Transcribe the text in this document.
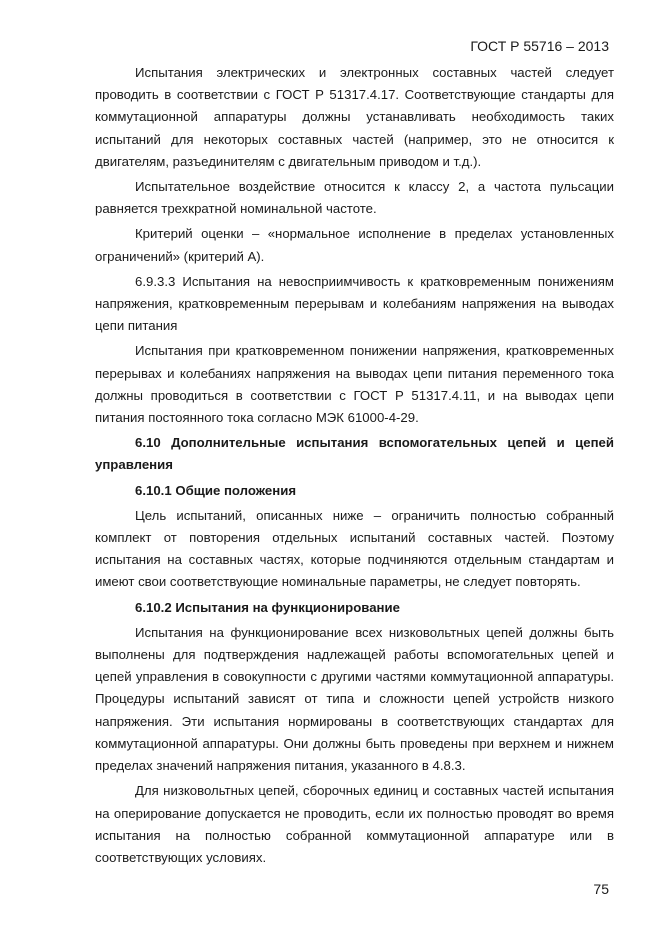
ГОСТ Р 55716 – 2013

Испытания электрических и электронных составных частей следует проводить в соответствии с ГОСТ Р 51317.4.17. Соответствующие стандарты для коммутационной аппаратуры должны устанавливать необходимость таких испытаний для некоторых составных частей (например, это не относится к двигателям, разъединителям с двигательным приводом и т.д.).

Испытательное воздействие относится к классу 2, а частота пульсации равняется трехкратной номинальной частоте.

Критерий оценки – «нормальное исполнение в пределах установленных ограничений» (критерий А).

6.9.3.3 Испытания на невосприимчивость к кратковременным понижениям напряжения, кратковременным перерывам и колебаниям напряжения на выводах цепи питания

Испытания при кратковременном понижении напряжения, кратковременных перерывах и колебаниях напряжения на выводах цепи питания переменного тока должны проводиться в соответствии с ГОСТ Р 51317.4.11, и на выводах цепи питания постоянного тока согласно МЭК 61000-4-29.

6.10 Дополнительные испытания вспомогательных цепей и цепей управления

6.10.1 Общие положения

Цель испытаний, описанных ниже – ограничить полностью собранный комплект от повторения отдельных испытаний составных частей. Поэтому испытания на составных частях, которые подчиняются отдельным стандартам и имеют свои соответствующие номинальные параметры, не следует повторять.

6.10.2 Испытания на функционирование

Испытания на функционирование всех низковольтных цепей должны быть выполнены для подтверждения надлежащей работы вспомогательных цепей и цепей управления в совокупности с другими частями коммутационной аппаратуры. Процедуры испытаний зависят от типа и сложности цепей устройств низкого напряжения. Эти испытания нормированы в соответствующих стандартах для коммутационной аппаратуры. Они должны быть проведены при верхнем и нижнем пределах значений напряжения питания, указанного в 4.8.3.

Для низковольтных цепей, сборочных единиц и составных частей испытания на оперирование допускается не проводить, если их полностью проводят во время испытания на полностью собранной коммутационной аппаратуре или в соответствующих условиях.

75
